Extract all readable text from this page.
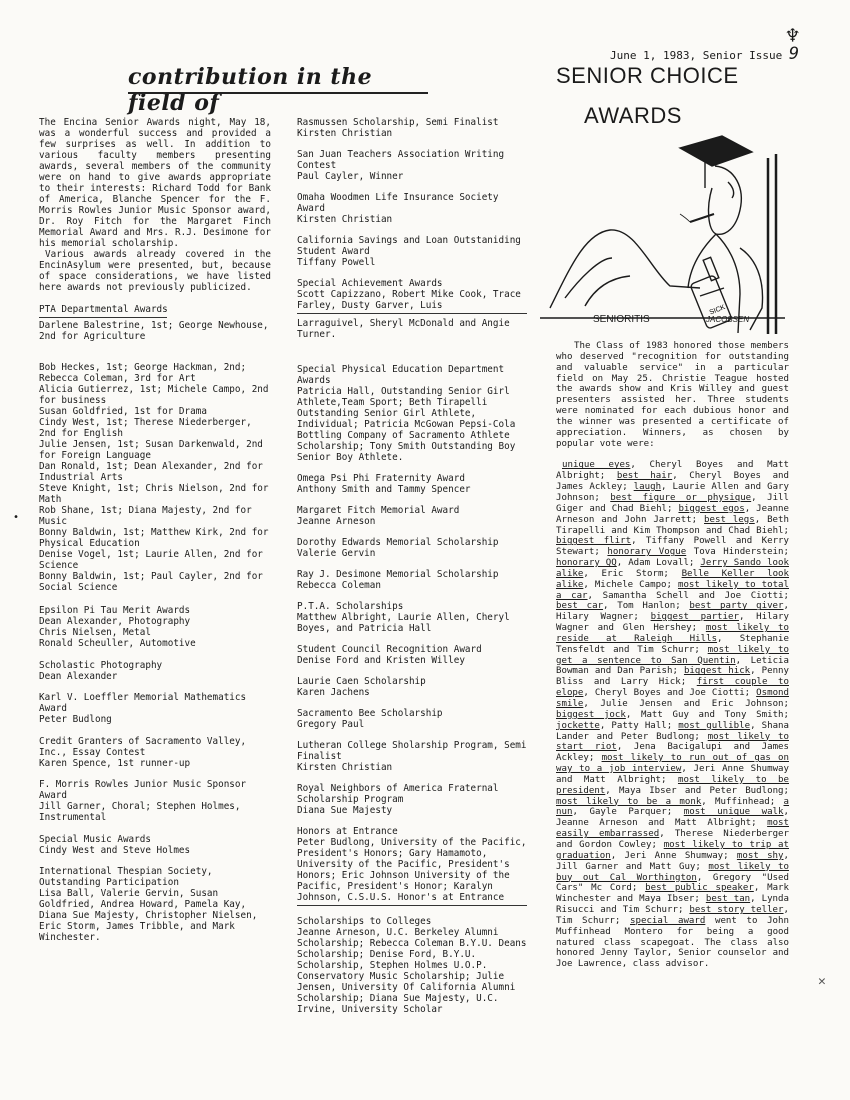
♆
June 1, 1983, Senior Issue 9
contribution in the field of

The Encina Senior Awards night, May 18, was a wonderful success and provided a few surprises as well. In addition to various faculty members presenting awards, several members of the community were on hand to give awards appropriate to their interests: Richard Todd for Bank of America, Blanche Spencer for the F. Morris Rowles Junior Music Sponsor award, Dr. Roy Fitch for the Margaret Finch Memorial Award and Mrs. R.J. Desimone for his memorial scholarship.

Various awards already covered in the EncinAsylum were presented, but, because of space considerations, we have listed here awards not previously publicized.

PTA Departmental Awards

Darlene Balestrine, 1st; George Newhouse, 2nd for Agriculture

Bob Heckes, 1st; George Hackman, 2nd; Rebecca Coleman, 3rd for Art

Alicia Gutierrez, 1st; Michele Campo, 2nd for business

Susan Goldfried, 1st for Drama

Cindy West, 1st; Therese Niederberger, 2nd for English

Julie Jensen, 1st; Susan Darkenwald, 2nd for Foreign Language

Dan Ronald, 1st; Dean Alexander, 2nd for Industrial Arts

Steve Knight, 1st; Chris Nielson, 2nd for Math

Rob Shane, 1st; Diana Majesty, 2nd for Music

Bonny Baldwin, 1st; Matthew Kirk, 2nd for Physical Education

Denise Vogel, 1st; Laurie Allen, 2nd for Science

Bonny Baldwin, 1st; Paul Cayler, 2nd for Social Science

Epsilon Pi Tau Merit Awards
Dean Alexander, Photography
Chris Nielsen, Metal
Ronald Scheuller, Automotive
Scholastic Photography
Dean Alexander
Karl V. Loeffler Memorial Mathematics Award
Peter Budlong
Credit Granters of Sacramento Valley, Inc., Essay Contest
Karen Spence, 1st runner-up
F. Morris Rowles Junior Music Sponsor Award
Jill Garner, Choral; Stephen Holmes, Instrumental
Special Music Awards
Cindy West and Steve Holmes
International Thespian Society, Outstanding Participation
Lisa Ball, Valerie Gervin, Susan Goldfried, Andrea Howard, Pamela Kay, Diana Sue Majesty, Christopher Nielsen, Eric Storm, James Tribble, and Mark Winchester.
•
Rasmussen Scholarship, Semi Finalist
Kirsten Christian
San Juan Teachers Association Writing Contest
Paul Cayler, Winner
Omaha Woodmen Life Insurance Society Award
Kirsten Christian
California Savings and Loan Outstaniding Student Award
Tiffany Powell
Special Achievement Awards
Scott Capizzano, Robert Mike Cook, Trace Farley, Dusty Garver, Luis
Larraguivel, Sheryl McDonald and Angie Turner.
Special Physical Education Department Awards
Patricia Hall, Outstanding Senior Girl Athlete,Team Sport; Beth Tirapelli Outstanding Senior Girl Athlete, Individual; Patricia McGowan Pepsi-Cola Bottling Company of Sacramento Athlete Scholarship; Tony Smith Outstanding Boy Senior Boy Athlete.
Omega Psi Phi Fraternity Award
Anthony Smith and Tammy Spencer
Margaret Fitch Memorial Award
Jeanne Arneson
Dorothy Edwards Memorial Scholarship
Valerie Gervin
Ray J. Desimone Memorial Scholarship
Rebecca Coleman
P.T.A. Scholarships
Matthew Albright, Laurie Allen, Cheryl Boyes, and Patricia Hall
Student Council Recognition Award
Denise Ford and Kristen Willey
Laurie Caen Scholarship
Karen Jachens
Sacramento Bee Scholarship
Gregory Paul
Lutheran College Sholarship Program, Semi Finalist
Kirsten Christian
Royal Neighbors of America Fraternal Scholarship Program
Diana Sue Majesty
Honors at Entrance
Peter Budlong, University of the Pacific, President's Honors; Gary Hamamoto, University of the Pacific, President's Honors; Eric Johnson University of the Pacific, President's Honor; Karalyn Johnson, C.S.U.S. Honor's at Entrance
Scholarships to Colleges
Jeanne Arneson, U.C. Berkeley Alumni Scholarship; Rebecca Coleman B.Y.U. Deans Scholarship; Denise Ford, B.Y.U. Scholarship, Stephen Holmes U.O.P. Conservatory Music Scholarship; Julie Jensen, University Of California Alumni Scholarship; Diana Sue Majesty, U.C. Irvine, University Scholar
SENIOR CHOICE
AWARDS
SICK
SENIORITIS	JACOBSEN

The Class of 1983 honored those members who deserved "recognition for outstanding and valuable service" in a particular field on May 25. Christie Teague hosted the awards show and Kris Willey and guest presenters assisted her. Three students were nominated for each dubious honor and the winner was presented a certificate of appreciation. Winners, as chosen by popular vote were:

unique eyes, Cheryl Boyes and Matt Albright; best hair, Cheryl Boyes and James Ackley; laugh, Laurie Allen and Gary Johnson; best figure or physique, Jill Giger and Chad Biehl; biggest egos, Jeanne Arneson and John Jarrett; best legs, Beth Tirapelli and Kim Thompson and Chad Biehl; biggest flirt, Tiffany Powell and Kerry Stewart; honorary Vogue Tova Hinderstein; honorary QQ, Adam Lovall; Jerry Sando look alike, Eric Storm; Belle Keller look alike, Michele Campo; most likely to total a car, Samantha Schell and Joe Ciotti; best car, Tom Hanlon; best party giver, Hilary Wagner; biggest partier, Hilary Wagner and Glen Hershey; most likely to reside at Raleigh Hills, Stephanie Tensfeldt and Tim Schurr; most likely to get a sentence to San Quentin, Leticia Bowman and Dan Parish; biggest hick, Penny Bliss and Larry Hick; first couple to elope, Cheryl Boyes and Joe Ciotti; Osmond smile, Julie Jensen and Eric Johnson; biggest jock, Matt Guy and Tony Smith; jockette, Patty Hall; most gullible, Shana Lander and Peter Budlong; most likely to start riot, Jena Bacigalupi and James Ackley; most likely to run out of gas on way to a job interview, Jeri Anne Shumway and Matt Albright; most likely to be president, Maya Ibser and Peter Budlong; most likely to be a monk, Muffinhead; a nun, Gayle Parquer; most unique walk, Jeanne Arneson and Matt Albright; most easily embarrassed, Therese Niederberger and Gordon Cowley; most likely to trip at graduation, Jeri Anne Shumway; most shy, Jill Garner and Matt Guy; most likely to buy out Cal Worthington, Gregory "Used Cars" Mc Cord; best public speaker, Mark Winchester and Maya Ibser; best tan, Lynda Risucci and Tim Schurr; best story teller, Tim Schurr; special award went to John Muffinhead Montero for being a good natured class scapegoat. The class also honored Jenny Taylor, Senior counselor and Joe Lawrence, class advisor.

✕
